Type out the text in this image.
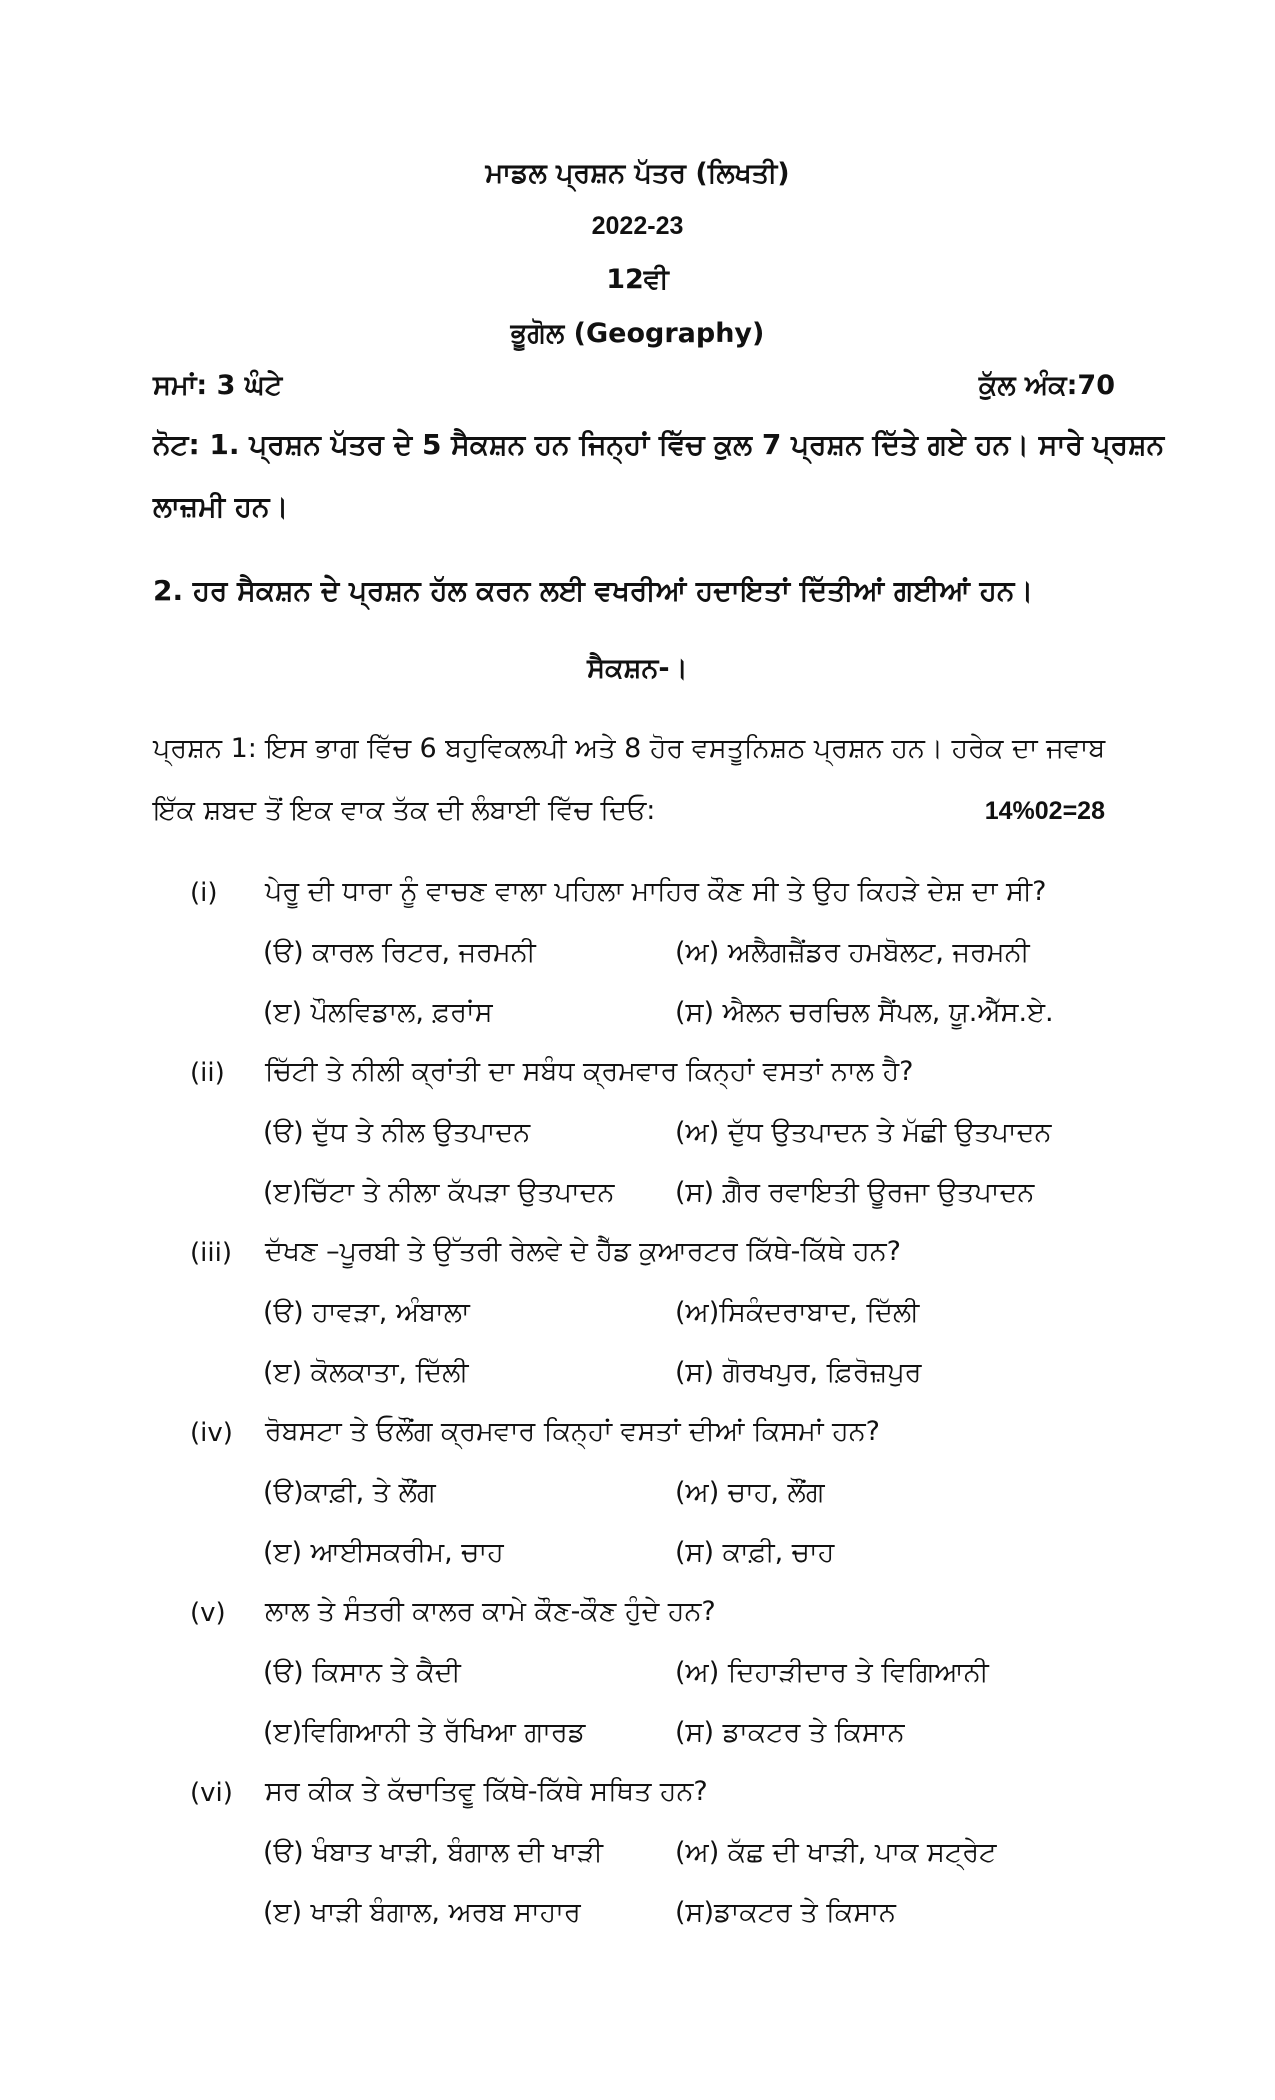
ਮਾਡਲ ਪ੍ਰਸ਼ਨ ਪੱਤਰ (ਲਿਖਤੀ)
2022-23
12ਵੀ
ਭੂਗੋਲ (Geography)
ਸਮਾਂ: 3 ਘੰਟੇ	ਕੁੱਲ ਅੰਕ:70
ਨੋਟ: 1. ਪ੍ਰਸ਼ਨ ਪੱਤਰ ਦੇ 5 ਸੈਕਸ਼ਨ ਹਨ ਜਿਨ੍ਹਾਂ ਵਿੱਚ ਕੁਲ 7 ਪ੍ਰਸ਼ਨ ਦਿੱਤੇ ਗਏ ਹਨ। ਸਾਰੇ ਪ੍ਰਸ਼ਨ
ਲਾਜ਼ਮੀ ਹਨ।
2. ਹਰ ਸੈਕਸ਼ਨ ਦੇ ਪ੍ਰਸ਼ਨ ਹੱਲ ਕਰਨ ਲਈ ਵਖਰੀਆਂ ਹਦਾਇਤਾਂ ਦਿੱਤੀਆਂ ਗਈਆਂ ਹਨ।
ਸੈਕਸ਼ਨ-।
ਪ੍ਰਸ਼ਨ 1: ਇਸ ਭਾਗ ਵਿੱਚ 6 ਬਹੁਵਿਕਲਪੀ ਅਤੇ 8 ਹੋਰ ਵਸਤੂਨਿਸ਼ਠ ਪ੍ਰਸ਼ਨ ਹਨ। ਹਰੇਕ ਦਾ ਜਵਾਬ
ਇੱਕ ਸ਼ਬਦ ਤੋਂ ਇਕ ਵਾਕ ਤੱਕ ਦੀ ਲੰਬਾਈ ਵਿੱਚ ਦਿਓ:	14%02=28
(i) ਪੇਰੂ ਦੀ ਧਾਰਾ ਨੂੰ ਵਾਚਣ ਵਾਲਾ ਪਹਿਲਾ ਮਾਹਿਰ ਕੌਣ ਸੀ ਤੇ ਉਹ ਕਿਹੜੇ ਦੇਸ਼ ਦਾ ਸੀ?
(ੳ) ਕਾਰਲ ਰਿਟਰ, ਜਰਮਨੀ	(ਅ) ਅਲੈਗਜ਼ੈਂਡਰ ਹਮਬੋਲਟ, ਜਰਮਨੀ
(ੲ) ਪੌਲਵਿਡਾਲ, ਫ਼ਰਾਂਸ	(ਸ) ਐਲਨ ਚਰਚਿਲ ਸੈਂਪਲ, ਯੂ.ਐੱਸ.ਏ.
(ii) ਚਿੱਟੀ ਤੇ ਨੀਲੀ ਕ੍ਰਾਂਤੀ ਦਾ ਸਬੰਧ ਕ੍ਰਮਵਾਰ ਕਿਨ੍ਹਾਂ ਵਸਤਾਂ ਨਾਲ ਹੈ?
(ੳ) ਦੁੱਧ ਤੇ ਨੀਲ ਉਤਪਾਦਨ	(ਅ) ਦੁੱਧ ਉਤਪਾਦਨ ਤੇ ਮੱਛੀ ਉਤਪਾਦਨ
(ੲ)ਚਿੱਟਾ ਤੇ ਨੀਲਾ ਕੱਪੜਾ ਉਤਪਾਦਨ (ਸ) ਗ਼ੈਰ ਰਵਾਇਤੀ ਊਰਜਾ ਉਤਪਾਦਨ
(iii) ਦੱਖਣ –ਪੂਰਬੀ ਤੇ ਉੱਤਰੀ ਰੇਲਵੇ ਦੇ ਹੈੱਡ ਕੁਆਰਟਰ ਕਿੱਥੇ-ਕਿੱਥੇ ਹਨ?
(ੳ) ਹਾਵੜਾ, ਅੰਬਾਲਾ	(ਅ)ਸਿਕੰਦਰਾਬਾਦ, ਦਿੱਲੀ
(ੲ) ਕੋਲਕਾਤਾ, ਦਿੱਲੀ	(ਸ) ਗੋਰਖਪੁਰ, ਫ਼ਿਰੋਜ਼ਪੁਰ
(iv) ਰੋਬਸਟਾ ਤੇ ਓਲੌਂਗ ਕ੍ਰਮਵਾਰ ਕਿਨ੍ਹਾਂ ਵਸਤਾਂ ਦੀਆਂ ਕਿਸਮਾਂ ਹਨ?
(ੳ)ਕਾਫ਼ੀ, ਤੇ ਲੌਂਗ	(ਅ) ਚਾਹ, ਲੌਂਗ
(ੲ) ਆਈਸਕਰੀਮ, ਚਾਹ	(ਸ) ਕਾਫ਼ੀ, ਚਾਹ
(v) ਲਾਲ ਤੇ ਸੰਤਰੀ ਕਾਲਰ ਕਾਮੇ ਕੌਣ-ਕੌਣ ਹੁੰਦੇ ਹਨ?
(ੳ) ਕਿਸਾਨ ਤੇ ਕੈਦੀ	(ਅ) ਦਿਹਾੜੀਦਾਰ ਤੇ ਵਿਗਿਆਨੀ
(ੲ)ਵਿਗਿਆਨੀ ਤੇ ਰੱਖਿਆ ਗਾਰਡ	(ਸ) ਡਾਕਟਰ ਤੇ ਕਿਸਾਨ
(vi) ਸਰ ਕੀਕ ਤੇ ਕੱਚਾਤਿਵੂ ਕਿੱਥੇ-ਕਿੱਥੇ ਸਥਿਤ ਹਨ?
(ੳ) ਖੰਬਾਤ ਖਾੜੀ, ਬੰਗਾਲ ਦੀ ਖਾੜੀ	(ਅ) ਕੱਛ ਦੀ ਖਾੜੀ, ਪਾਕ ਸਟ੍ਰੇਟ
(ੲ) ਖਾੜੀ ਬੰਗਾਲ, ਅਰਬ ਸਾਹਾਰ	(ਸ)ਡਾਕਟਰ ਤੇ ਕਿਸਾਨ
